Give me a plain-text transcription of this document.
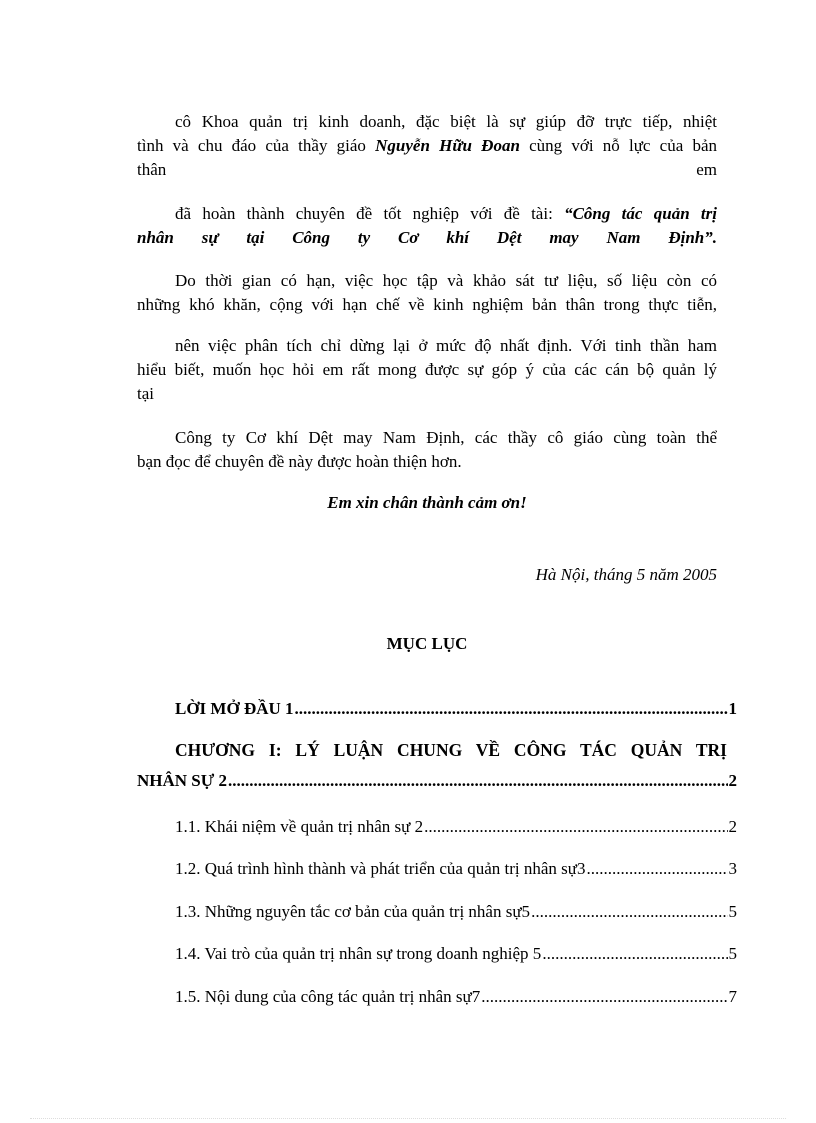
cô Khoa quản trị kinh doanh, đặc biệt là sự giúp đỡ trực tiếp, nhiệt
tình và chu đáo của thầy giáo Nguyễn Hữu Đoan cùng với nỗ lực của bản
thân	em
đã hoàn thành chuyên đề tốt nghiệp với đề tài: “Công tác quản trị
nhân sự tại Công ty Cơ khí Dệt may Nam Định”.
Do thời gian có hạn, việc học tập và khảo sát tư liệu, số liệu còn có
những khó khăn, cộng với hạn chế về kinh nghiệm bản thân trong thực tiễn,
nên việc phân tích chỉ dừng lại ở mức độ nhất định. Với tinh thần ham
hiểu biết, muốn học hỏi em rất mong được sự góp ý của các cán bộ quản lý
tại
Công ty Cơ khí Dệt may Nam Định, các thầy cô giáo cùng toàn thể
bạn đọc để chuyên đề này được hoàn thiện hơn.
Em xin chân thành cảm ơn!
Hà Nội, tháng 5 năm 2005
MỤC LỤC
LỜI MỞ ĐẦU 1 .....	1
CHƯƠNG I: LÝ LUẬN CHUNG VỀ CÔNG TÁC QUẢN TRỊ
NHÂN SỰ 2 .....	2
1.1. Khái niệm về quản trị nhân sự 2 .....	2
1.2. Quá trình hình thành và phát triển của quản trị nhân sự3 .....	3
1.3. Những nguyên tắc cơ bản của quản trị nhân sự5 .....	5
1.4. Vai trò của quản trị nhân sự trong doanh nghiệp 5 .....	5
1.5. Nội dung của công tác quản trị nhân sự7 .....	7
